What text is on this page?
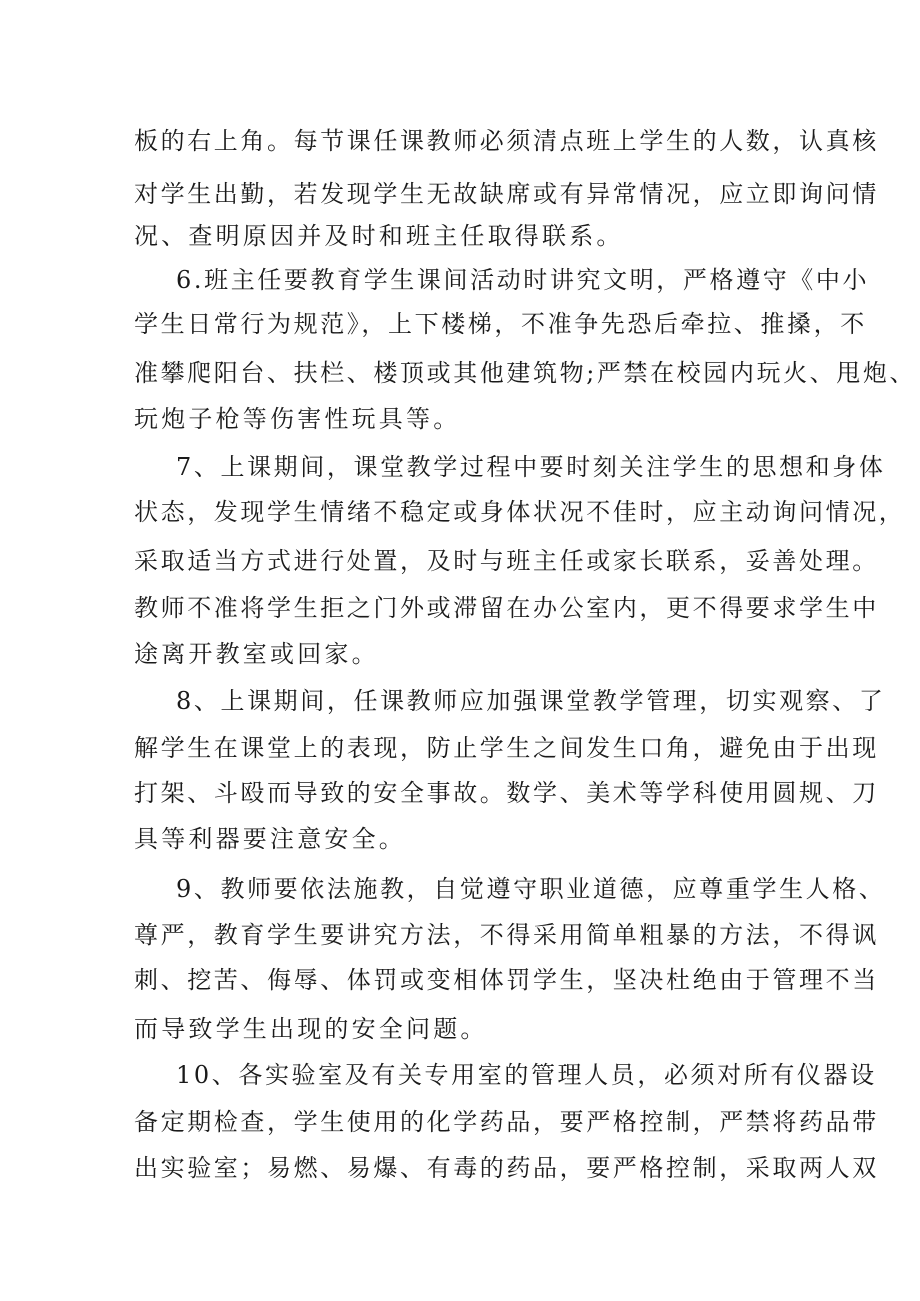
板的右上角。每节课任课教师必须清点班上学生的人数，认真核
对学生出勤，若发现学生无故缺席或有异常情况，应立即询问情
况、查明原因并及时和班主任取得联系。
6.班主任要教育学生课间活动时讲究文明，严格遵守《中小
学生日常行为规范》，上下楼梯，不准争先恐后牵拉、推搡，不
准攀爬阳台、扶栏、楼顶或其他建筑物;严禁在校园内玩火、甩炮、
玩炮子枪等伤害性玩具等。
7、上课期间，课堂教学过程中要时刻关注学生的思想和身体
状态，发现学生情绪不稳定或身体状况不佳时，应主动询问情况，
采取适当方式进行处置，及时与班主任或家长联系，妥善处理。
教师不准将学生拒之门外或滞留在办公室内，更不得要求学生中
途离开教室或回家。
8、上课期间，任课教师应加强课堂教学管理，切实观察、了
解学生在课堂上的表现，防止学生之间发生口角，避免由于出现
打架、斗殴而导致的安全事故。数学、美术等学科使用圆规、刀
具等利器要注意安全。
9、教师要依法施教，自觉遵守职业道德，应尊重学生人格、
尊严，教育学生要讲究方法，不得采用简单粗暴的方法，不得讽
刺、挖苦、侮辱、体罚或变相体罚学生，坚决杜绝由于管理不当
而导致学生出现的安全问题。
10、各实验室及有关专用室的管理人员，必须对所有仪器设
备定期检查，学生使用的化学药品，要严格控制，严禁将药品带
出实验室；易燃、易爆、有毒的药品，要严格控制，采取两人双
